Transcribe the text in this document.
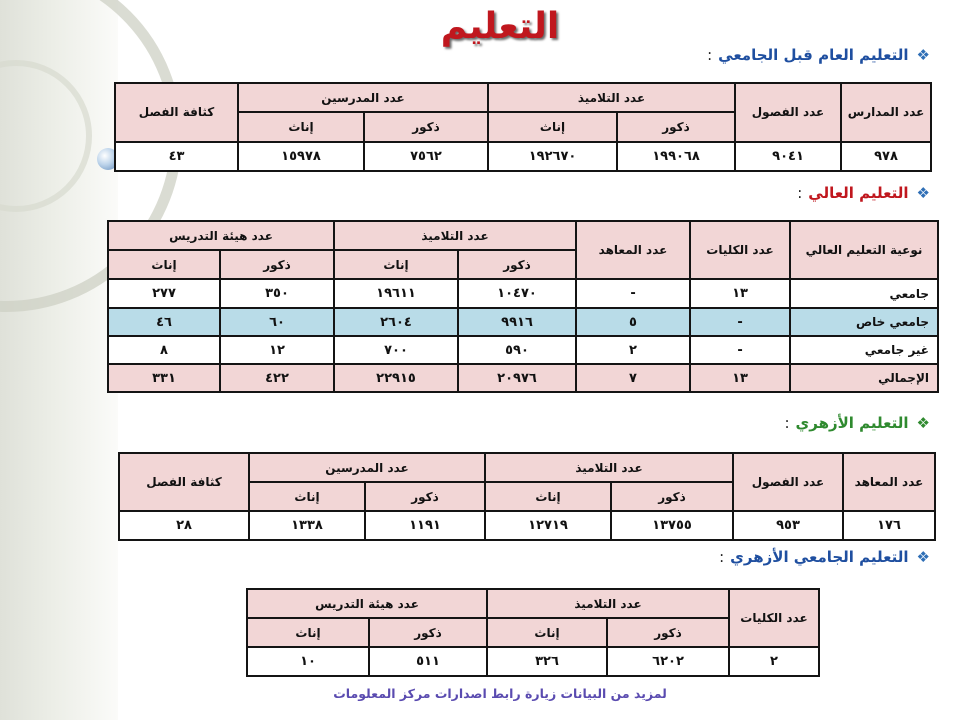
التعليم
❖التعليم العام قبل الجامعي:
عدد المدارس	عدد الفصول	عدد التلاميذ		عدد المدرسين		كثافة الفصل
		ذكور	إناث	ذكور	إناث	
٩٧٨	٩٠٤١	١٩٩٠٦٨	١٩٢٦٧٠	٧٥٦٢	١٥٩٧٨	٤٣
❖التعليم العالي:
نوعية التعليم العالي	عدد الكليات	عدد المعاهد	عدد التلاميذ		عدد هيئة التدريس	
			ذكور	إناث	ذكور	إناث
جامعي	١٣	-	١٠٤٧٠	١٩٦١١	٣٥٠	٢٧٧
جامعي خاص	-	٥	٩٩١٦	٢٦٠٤	٦٠	٤٦
غير جامعي	-	٢	٥٩٠	٧٠٠	١٢	٨
الإجمالي	١٣	٧	٢٠٩٧٦	٢٢٩١٥	٤٢٢	٣٣١
❖التعليم الأزهري:
عدد المعاهد	عدد الفصول	عدد التلاميذ		عدد المدرسين		كثافة الفصل
		ذكور	إناث	ذكور	إناث	
١٧٦	٩٥٣	١٣٧٥٥	١٢٧١٩	١١٩١	١٣٣٨	٢٨
❖التعليم الجامعي الأزهري:
عدد الكليات	عدد التلاميذ		عدد هيئة التدريس	
	ذكور	إناث	ذكور	إناث
٢	٦٢٠٢	٣٢٦	٥١١	١٠
لمزيد من البيانات زيارة رابط اصدارات مركز المعلومات
